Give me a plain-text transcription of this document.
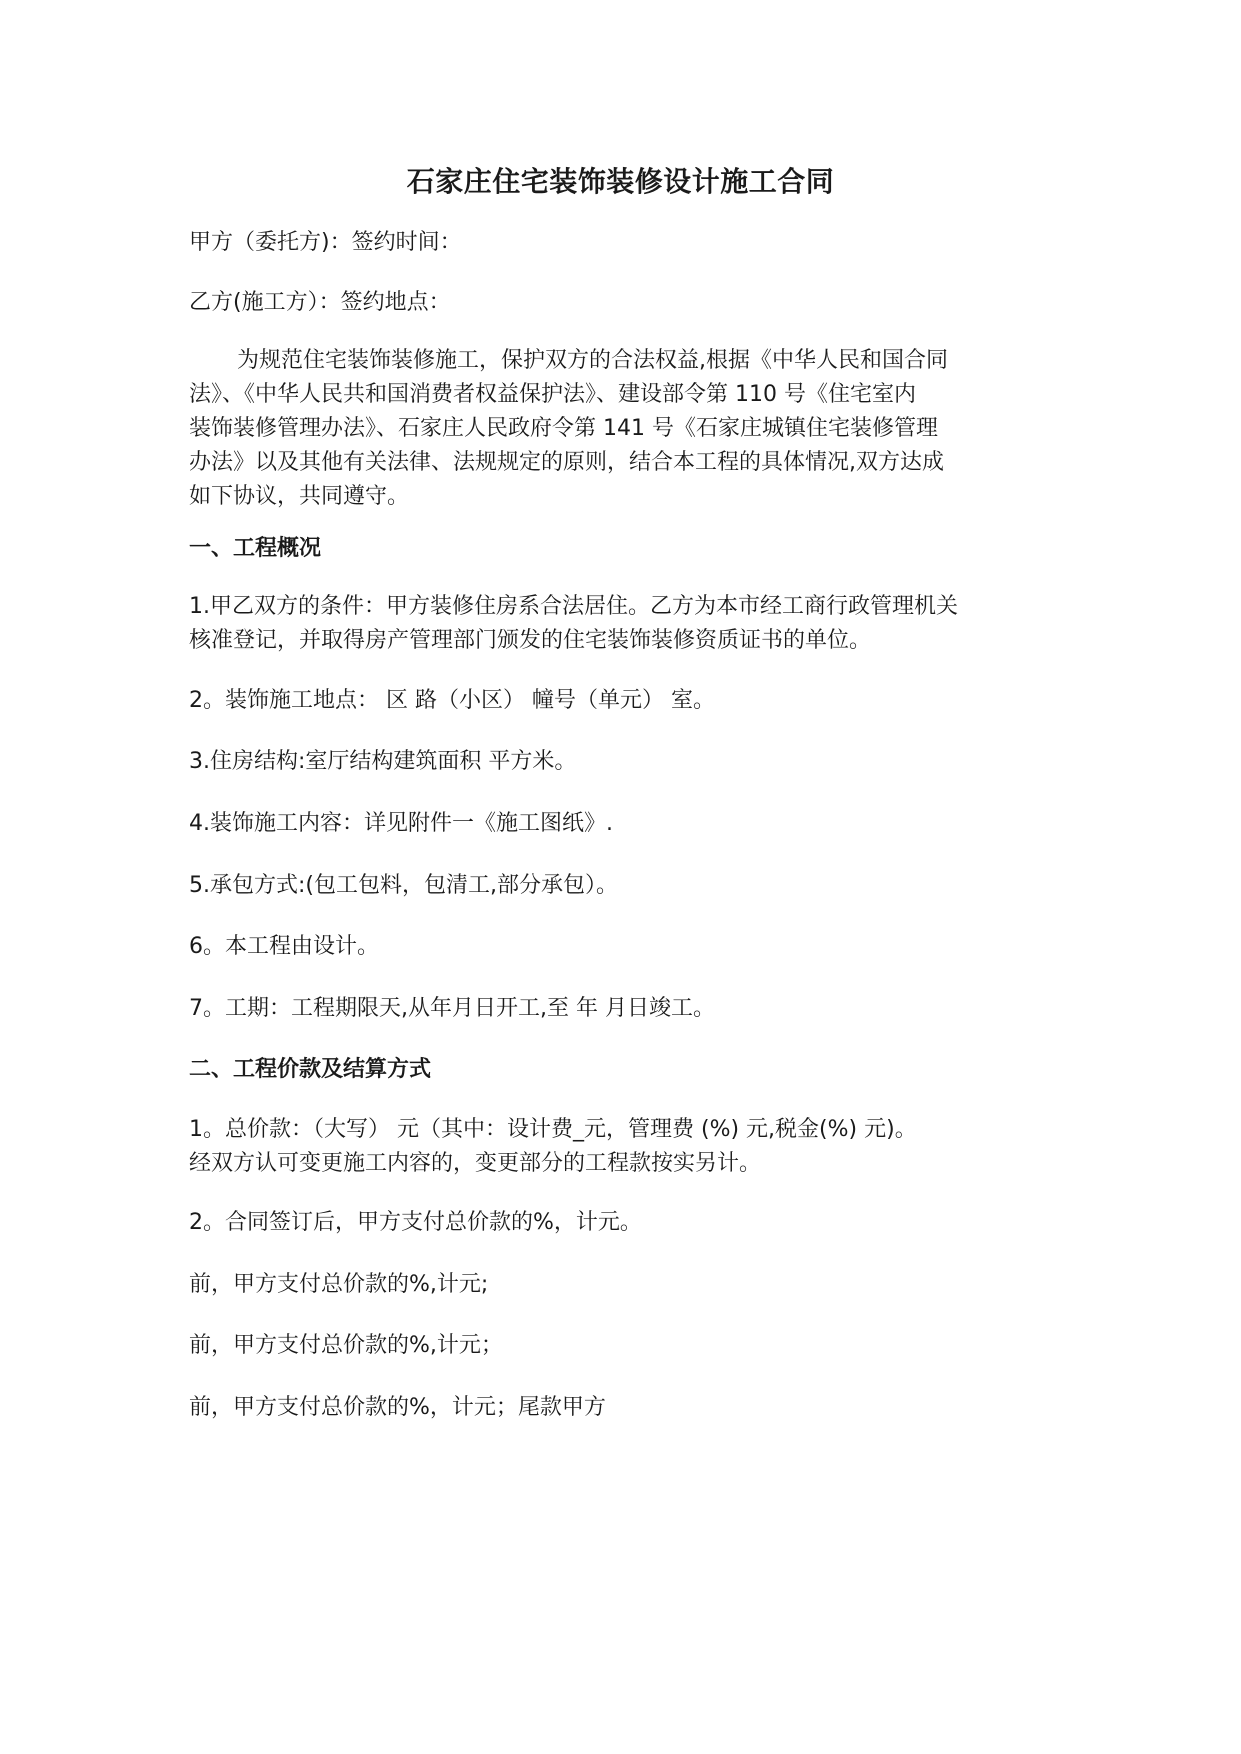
石家庄住宅装饰装修设计施工合同
甲方（委托方)：签约时间：
乙方(施工方）：签约地点：
为规范住宅装饰装修施工，保护双方的合法权益,根据《中华人民和国合同
法》、《中华人民共和国消费者权益保护法》、建设部令第 110 号《住宅室内
装饰装修管理办法》、石家庄人民政府令第 141 号《石家庄城镇住宅装修管理
办法》以及其他有关法律、法规规定的原则，结合本工程的具体情况,双方达成
如下协议，共同遵守。
一、工程概况
1.甲乙双方的条件：甲方装修住房系合法居住。乙方为本市经工商行政管理机关
核准登记，并取得房产管理部门颁发的住宅装饰装修资质证书的单位。
2。装饰施工地点： 区 路（小区） 幢号（单元） 室。
3.住房结构:室厅结构建筑面积 平方米。
4.装饰施工内容：详见附件一《施工图纸》.
5.承包方式:(包工包料，包清工,部分承包）。
6。本工程由设计。
7。工期：工程期限天,从年月日开工,至 年 月日竣工。
二、工程价款及结算方式
1。总价款：（大写） 元（其中：设计费_元，管理费 (%) 元,税金(%) 元)。
经双方认可变更施工内容的，变更部分的工程款按实另计。
2。合同签订后，甲方支付总价款的%，计元。
前，甲方支付总价款的%,计元;
前，甲方支付总价款的%,计元；
前，甲方支付总价款的%，计元；尾款甲方
